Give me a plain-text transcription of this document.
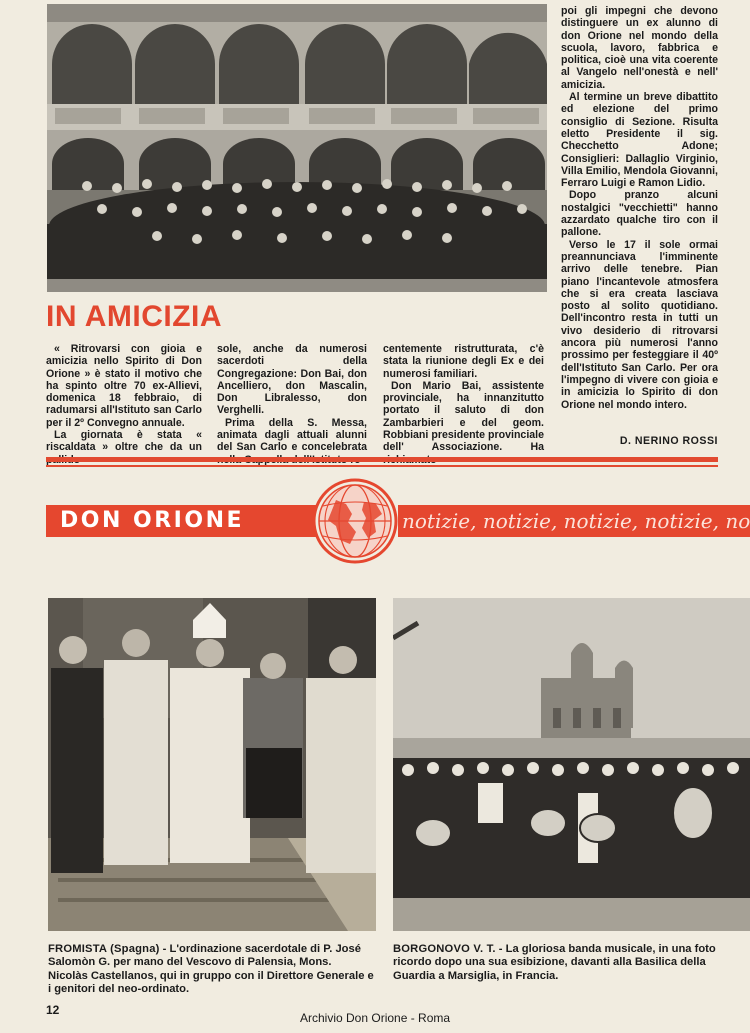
IN AMICIZIA

« Ritrovarsi con gioia e amicizia nello Spirito di Don Orione » è stato il motivo che ha spinto oltre 70 ex-Allievi, domenica 18 febbraio, di radumarsi all'Istituto san Carlo per il 2º Convegno annuale.

La giornata è stata « riscaldata » oltre che da un

sole, anche da numerosi sacerdoti della Congregazione: Don Bai, don Ancelliero, don Mascalin, Don Libralesso, don Verghelli.

Prima della S. Messa, animata dagli attuali alunni del San Carlo e concelebrata

centemente ristrutturata, c'è stata la riunione degli Ex e dei numerosi familiari.

Don Mario Bai, assistente provinciale, ha innanzitutto portato il saluto di don Zambarbieri e del geom. Robbiani presidente provinciale dell' Associazione. Ha

poi gli impegni che devono distinguere un ex alunno di don Orione nel mondo della scuola, lavoro, fabbrica e politica, cioè una vita coerente al Vangelo nell'onestà e nell' amicizia.

Al termine un breve dibattito ed elezione del primo consiglio di Sezione. Risulta eletto Presidente il sig. Checchetto Adone; Consiglieri: Dallaglio Virginio, Villa Emilio, Mendola Giovanni, Ferraro Luigi e Ramon Lidio.

Dopo pranzo alcuni nostalgici "vecchietti" hanno azzardato qualche tiro con il pallone.

Verso le 17 il sole ormai preannunciava l'imminente arrivo delle tenebre. Pian piano l'incantevole atmosfera che si era creata lasciava posto al solito quotidiano. Dell'incontro resta in tutti un vivo desiderio di ritrovarsi ancora più numerosi l'anno prossimo per festeggiare il 40º dell'Istituto San Carlo. Per ora l'impegno di vivere con gioia e in amicizia lo Spirito di don Orione nel mondo intero.

D. NERINO ROSSI
DON ORIONE	notizie, notizie, notizie, notizie, no
FROMISTA (Spagna) - L'ordinazione sacerdotale di P. José Salomòn G. per mano del Vescovo di Palensia, Mons. Nicolàs Castellanos, qui in gruppo con il Direttore Generale e i genitori del neo-ordinato.
BORGONOVO V. T. - La gloriosa banda musicale, in una foto ricordo dopo una sua esibizione, davanti alla Basilica della Guardia a Marsiglia, in Francia.
12
Archivio Don Orione - Roma
